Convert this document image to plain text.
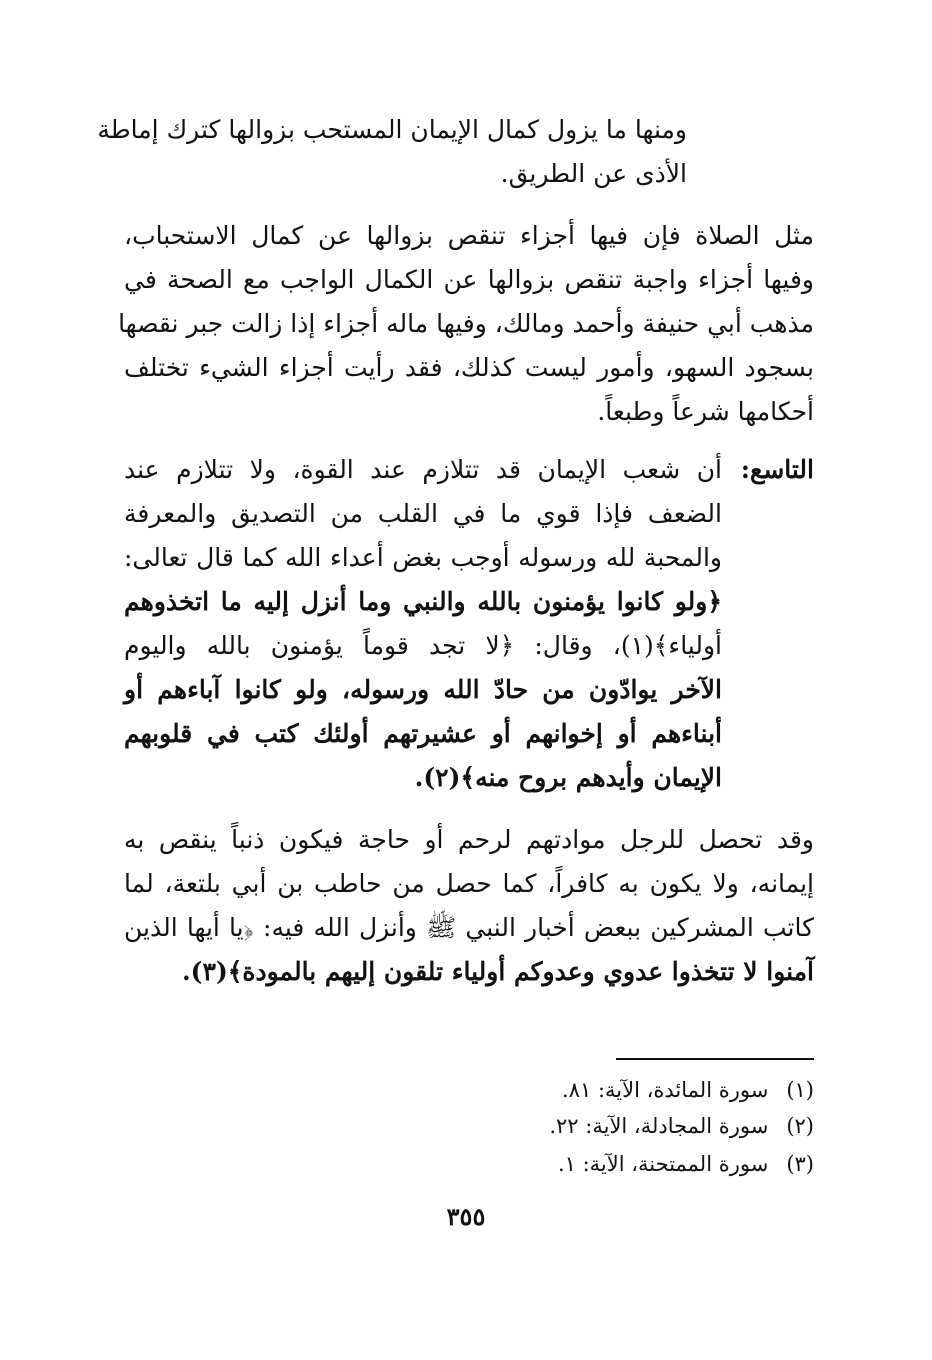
ومنها ما يزول كمال الإيمان المستحب بزوالها كترك إماطة
الأذى عن الطريق.
مثل الصلاة فإن فيها أجزاء تنقص بزوالها عن كمال الاستحباب،
وفيها أجزاء واجبة تنقص بزوالها عن الكمال الواجب مع الصحة في
مذهب أبي حنيفة وأحمد ومالك، وفيها ماله أجزاء إذا زالت جبر نقصها
بسجود السهو، وأمور ليست كذلك، فقد رأيت أجزاء الشيء تختلف
أحكامها شرعاً وطبعاً.
التاسع:
أن شعب الإيمان قد تتلازم عند القوة، ولا تتلازم عند
الضعف فإذا قوي ما في القلب من التصديق والمعرفة
والمحبة لله ورسوله أوجب بغض أعداء الله كما قال تعالى:
﴿ولو كانوا يؤمنون بالله والنبي وما أنزل إليه ما اتخذوهم
أولياء﴾(١)، وقال: ﴿لا تجد قوماً يؤمنون بالله واليوم
الآخر يوادّون من حادّ الله ورسوله، ولو كانوا آباءهم أو
أبناءهم أو إخوانهم أو عشيرتهم أولئك كتب في قلوبهم
الإيمان وأيدهم بروح منه﴾(٢).
وقد تحصل للرجل موادتهم لرحم أو حاجة فيكون ذنباً ينقص به
إيمانه، ولا يكون به كافراً، كما حصل من حاطب بن أبي بلتعة، لما
كاتب المشركين ببعض أخبار النبي ﷺ وأنزل الله فيه: ﴿يا أيها الذين
آمنوا لا تتخذوا عدوي وعدوكم أولياء تلقون إليهم بالمودة﴾(٣).
(١)سورة المائدة، الآية: ٨١.
(٢)سورة المجادلة، الآية: ٢٢.
(٣)سورة الممتحنة، الآية: ١.
٣٥٥
